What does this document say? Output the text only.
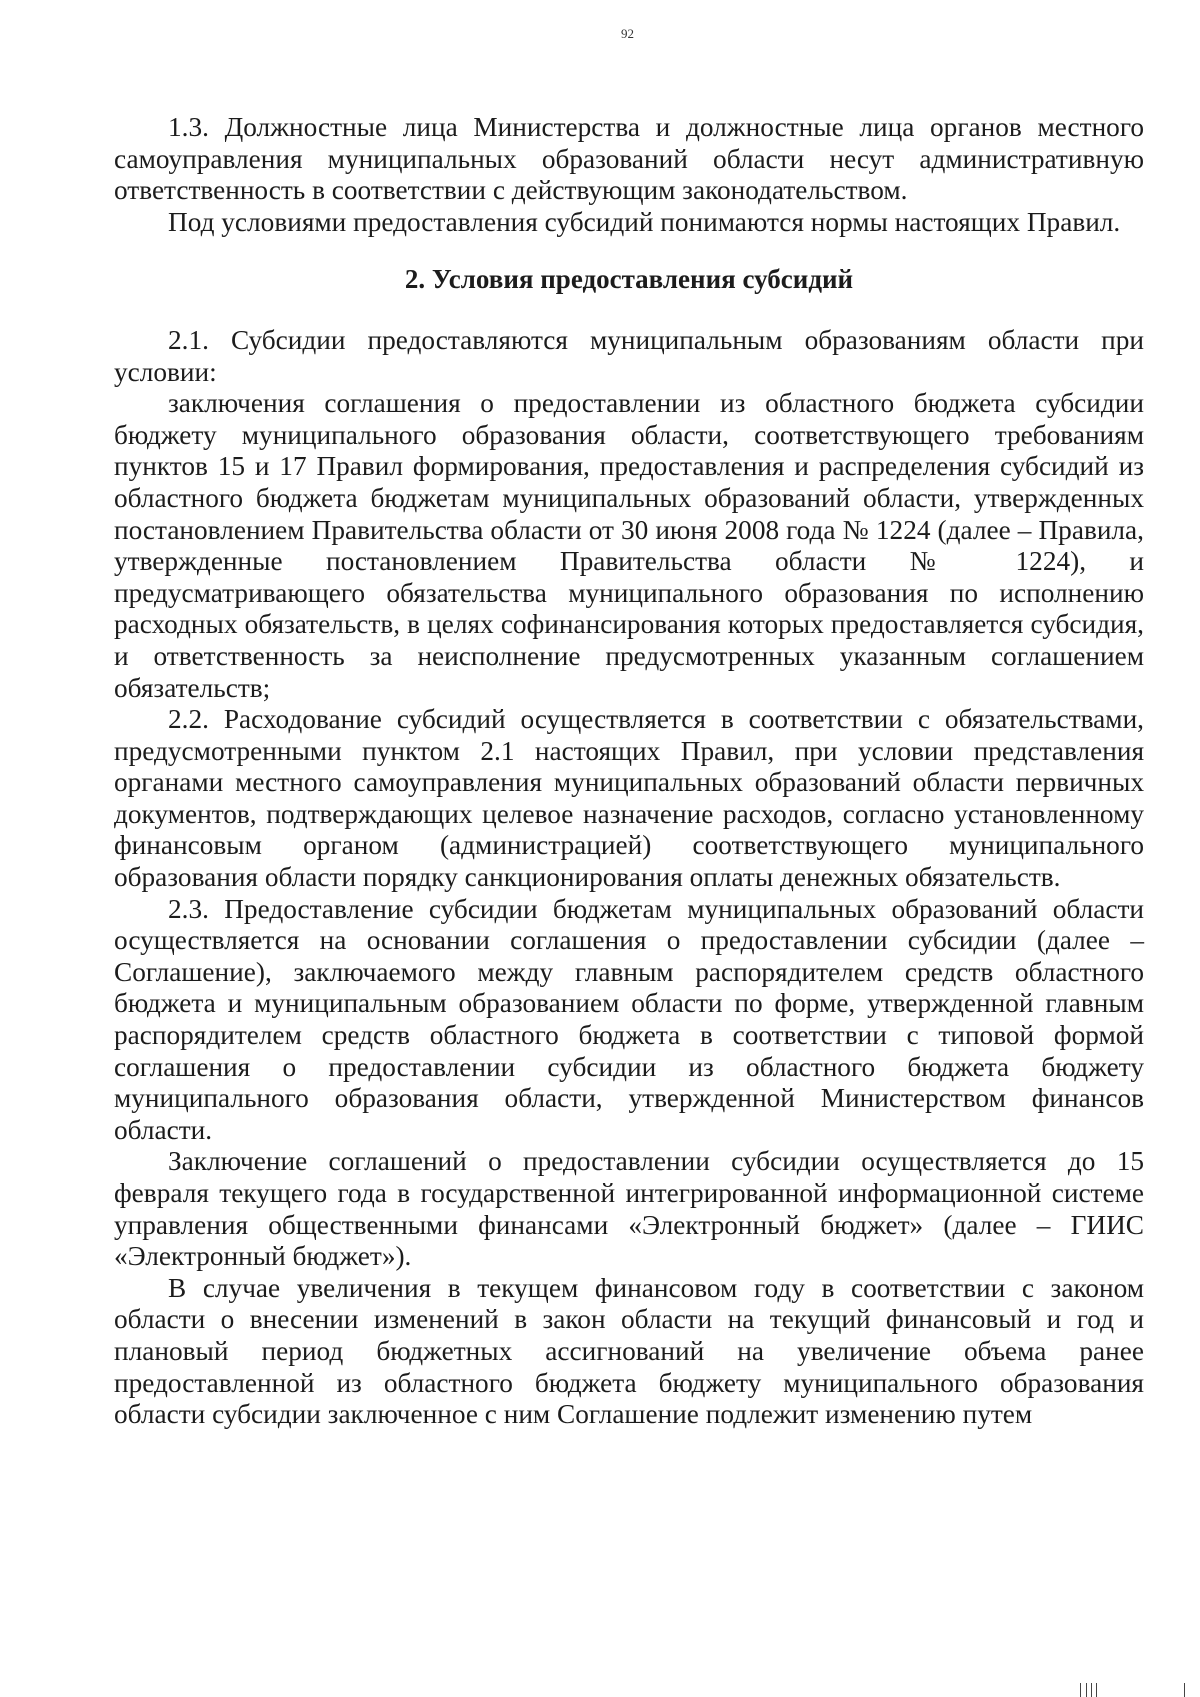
92

1.3. Должностные лица Министерства и должностные лица органов местного самоуправления муниципальных образований области несут административную ответственность в соответствии с действующим законодательством.

Под условиями предоставления субсидий понимаются нормы настоящих Правил.

2. Условия предоставления субсидий

2.1. Субсидии предоставляются муниципальным образованиям области при условии:

заключения соглашения о предоставлении из областного бюджета субсидии бюджету муниципального образования области, соответствующего требованиям пунктов 15 и 17 Правил формирования, предоставления и распределения субсидий из областного бюджета бюджетам муниципальных образований области, утвержденных постановлением Правительства области от 30 июня 2008 года № 1224 (далее – Правила, утвержденные постановлением Правительства области № 1224), и предусматривающего обязательства муниципального образования по исполнению расходных обязательств, в целях софинансирования которых предоставляется субсидия, и ответственность за неисполнение предусмотренных указанным соглашением обязательств;

2.2. Расходование субсидий осуществляется в соответствии с обязательствами, предусмотренными пунктом 2.1 настоящих Правил, при условии представления органами местного самоуправления муниципальных образований области первичных документов, подтверждающих целевое назначение расходов, согласно установленному финансовым органом (администрацией) соответствующего муниципального образования области порядку санкционирования оплаты денежных обязательств.

2.3. Предоставление субсидии бюджетам муниципальных образований области осуществляется на основании соглашения о предоставлении субсидии (далее – Соглашение), заключаемого между главным распорядителем средств областного бюджета и муниципальным образованием области по форме, утвержденной главным распорядителем средств областного бюджета в соответствии с типовой формой соглашения о предоставлении субсидии из областного бюджета бюджету муниципального образования области, утвержденной Министерством финансов области.

Заключение соглашений о предоставлении субсидии осуществляется до 15 февраля текущего года в государственной интегрированной информационной системе управления общественными финансами «Электронный бюджет» (далее – ГИИС «Электронный бюджет»).

В случае увеличения в текущем финансовом году в соответствии с законом области о внесении изменений в закон области на текущий финансовый и год и плановый период бюджетных ассигнований на увеличение объема ранее предоставленной из областного бюджета бюджету муниципального образования области субсидии заключенное с ним Соглашение подлежит изменению путем
